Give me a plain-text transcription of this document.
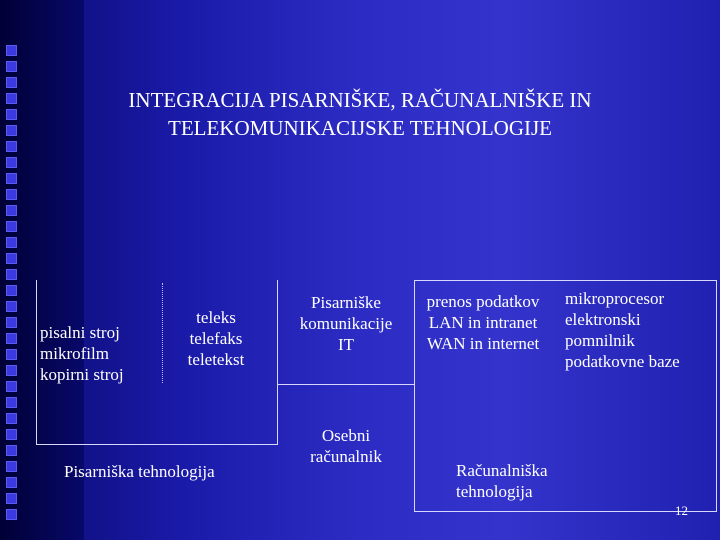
INTEGRACIJA PISARNIŠKE, RAČUNALNIŠKE IN
TELEKOMUNIKACIJSKE TEHNOLOGIJE
pisalni stroj
mikrofilm
kopirni stroj
teleks
telefaks
teletekst
Pisarniške
komunikacije
IT
Osebni
računalnik
prenos podatkov
LAN in intranet
WAN in internet
mikroprocesor
elektronski
pomnilnik
podatkovne baze
Pisarniška tehnologija	Računalniška
tehnologija
12
